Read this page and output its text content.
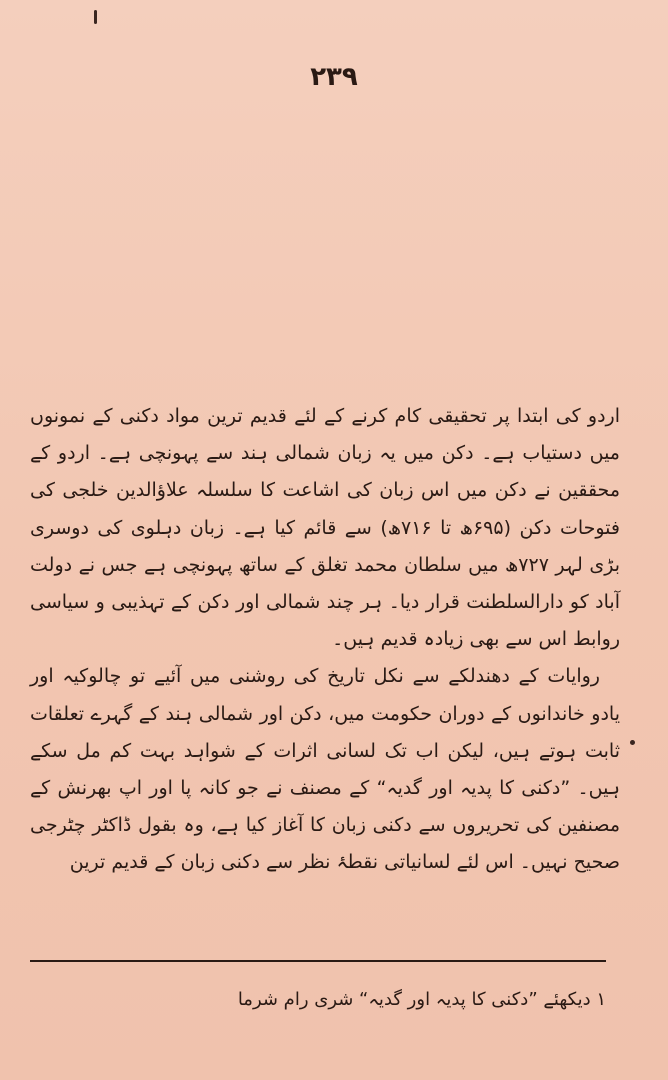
۲۳۹

اردو کی ابتدا پر تحقیقی کام کرنے کے لئے قدیم ترین مواد دکنی کے نمونوں میں دستیاب ہے۔ دکن میں یہ زبان شمالی ہند سے پہونچی ہے۔ اردو کے محققین نے دکن میں اس زبان کی اشاعت کا سلسلہ علاؤالدین خلجی کی فتوحات دکن (۶۹۵ھ تا ۷۱۶ھ) سے قائم کیا ہے۔ زبان دہلوی کی دوسری بڑی لہر ۷۲۷ھ میں سلطان محمد تغلق کے ساتھ پہونچی ہے جس نے دولت آباد کو دارالسلطنت قرار دیا۔ ہر چند شمالی اور دکن کے تہذیبی و سیاسی روابط اس سے بھی زیادہ قدیم ہیں۔

روایات کے دھندلکے سے نکل تاریخ کی روشنی میں آئیے تو چالوکیہ اور یادو خاندانوں کے دوران حکومت میں، دکن اور شمالی ہند کے گہرے تعلقات ثابت ہوتے ہیں، لیکن اب تک لسانی اثرات کے شواہد بہت کم مل سکے ہیں۔ ”دکنی کا پدیہ اور گدیہ“ کے مصنف نے جو کانہ پا اور اپ بھرنش کے مصنفین کی تحریروں سے دکنی زبان کا آغاز کیا ہے، وہ بقول ڈاکٹر چٹرجی صحیح نہیں۔ اس لئے لسانیاتی نقطۂ نظر سے دکنی زبان کے قدیم ترین

۱ دیکھئے ”دکنی کا پدیہ اور گدیہ“ شری رام شرما
